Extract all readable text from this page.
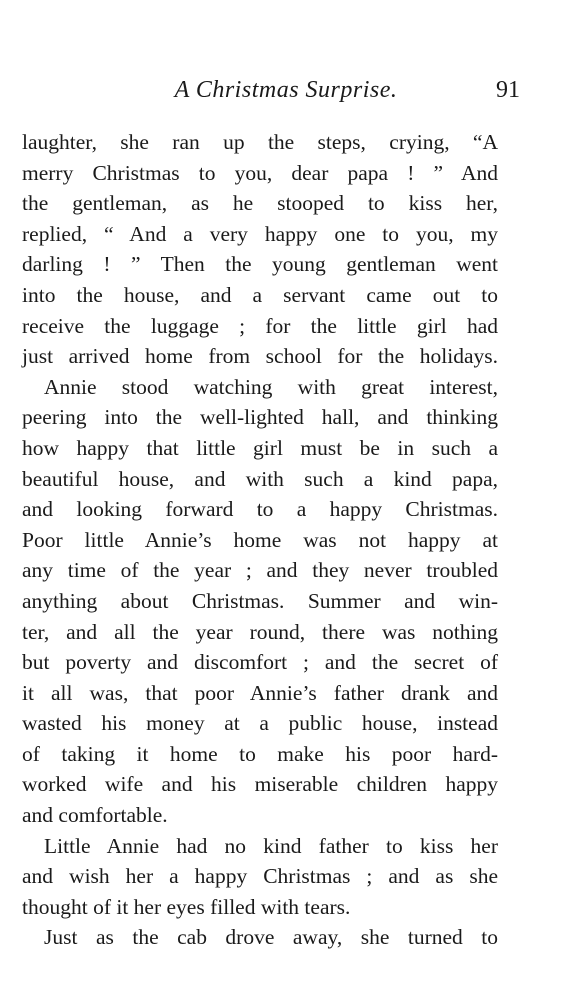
A Christmas Surprise.	91

laughter, she ran up the steps, crying, “A
merry Christmas to you, dear papa ! ” And
the gentleman, as he stooped to kiss her,
replied, “ And a very happy one to you, my
darling ! ” Then the young gentleman went
into the house, and a servant came out to
receive the luggage ; for the little girl had
just arrived home from school for the holidays.

Annie stood watching with great interest,
peering into the well-lighted hall, and thinking
how happy that little girl must be in such a
beautiful house, and with such a kind papa,
and looking forward to a happy Christmas.
Poor little Annie’s home was not happy at
any time of the year ; and they never troubled
anything about Christmas. Summer and win-
ter, and all the year round, there was nothing
but poverty and discomfort ; and the secret of
it all was, that poor Annie’s father drank and
wasted his money at a public house, instead
of taking it home to make his poor hard-
worked wife and his miserable children happy
and comfortable.

Little Annie had no kind father to kiss her
and wish her a happy Christmas ; and as she
thought of it her eyes filled with tears.

Just as the cab drove away, she turned to
